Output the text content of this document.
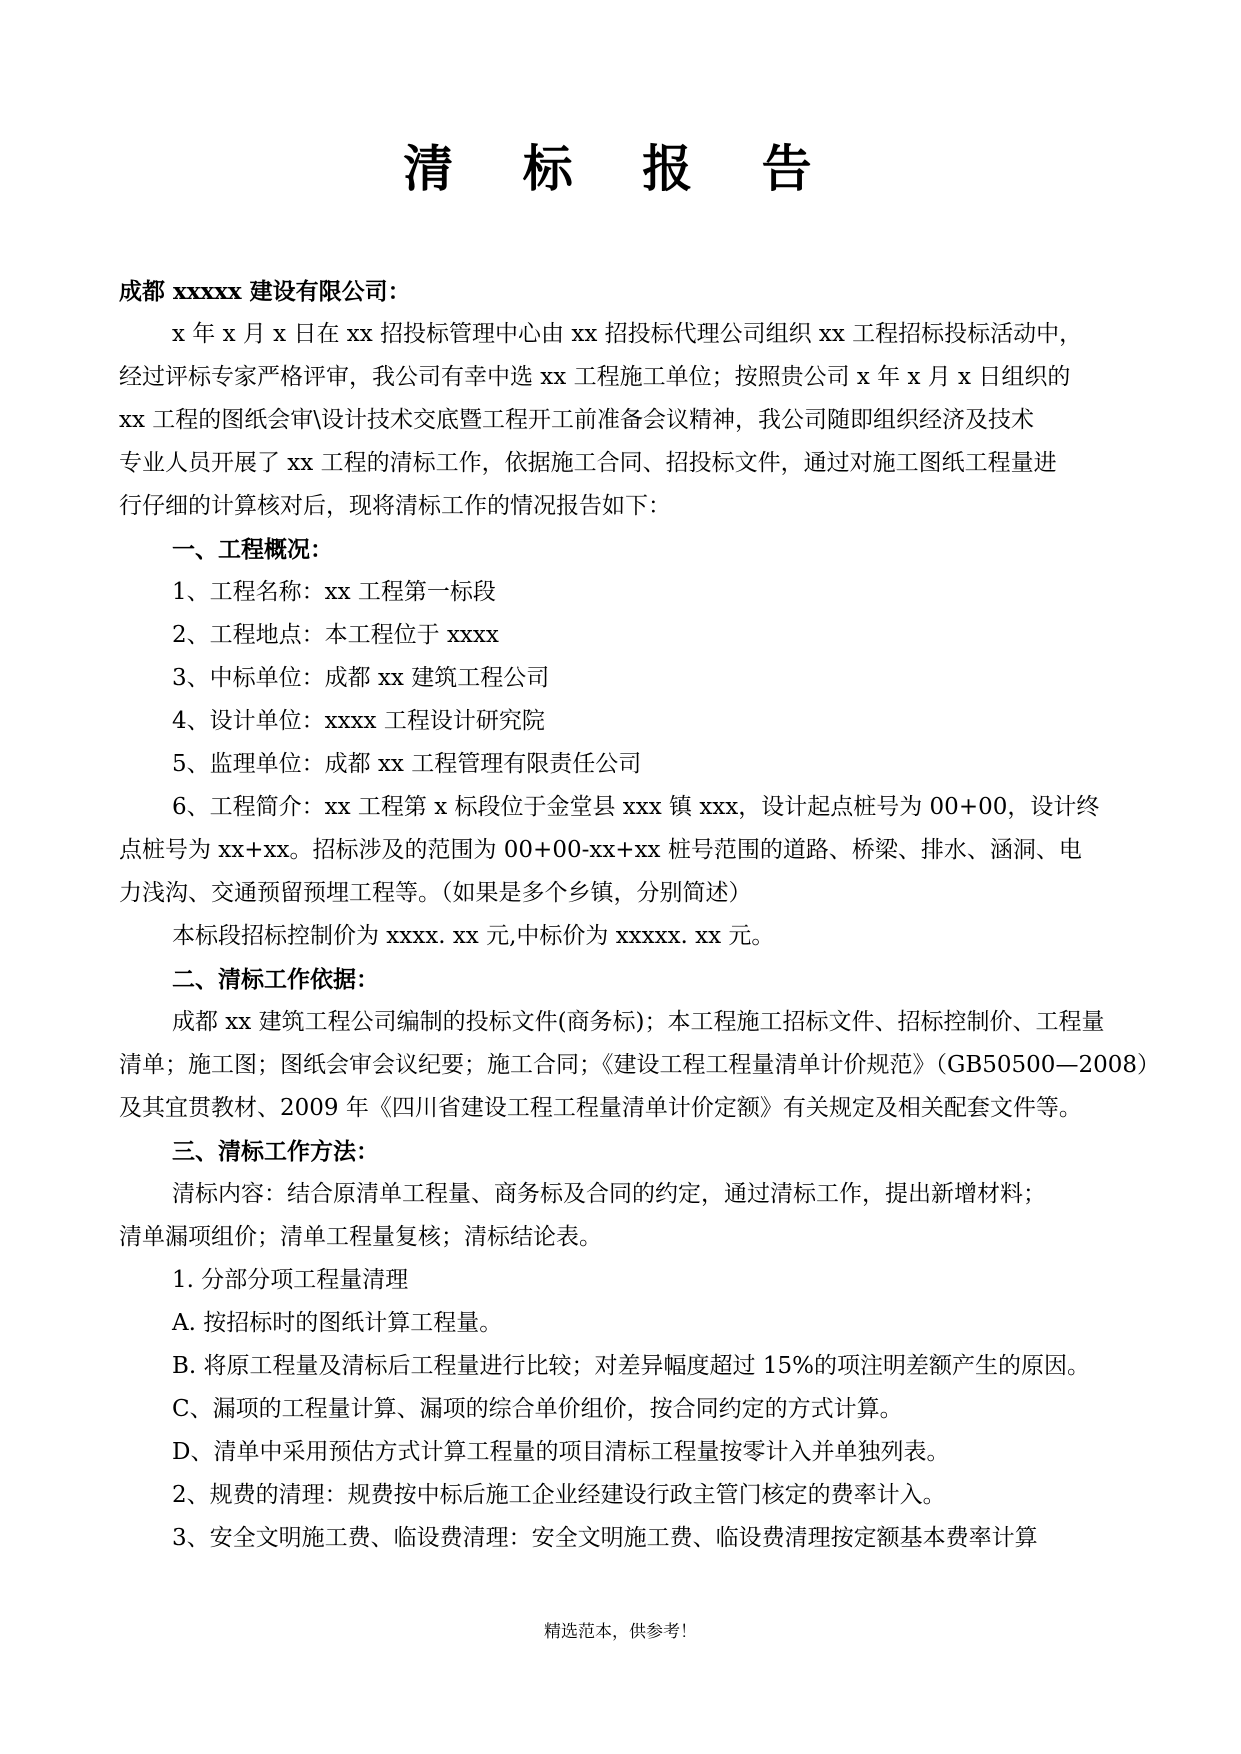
清 标 报 告
成都 xxxxx 建设有限公司：
x 年 x 月 x 日在 xx 招投标管理中心由 xx 招投标代理公司组织 xx 工程招标投标活动中，
经过评标专家严格评审，我公司有幸中选 xx 工程施工单位；按照贵公司 x 年 x 月 x 日组织的
xx 工程的图纸会审\设计技术交底暨工程开工前准备会议精神，我公司随即组织经济及技术
专业人员开展了 xx 工程的清标工作，依据施工合同、招投标文件，通过对施工图纸工程量进
行仔细的计算核对后，现将清标工作的情况报告如下：
一、工程概况：
1、工程名称：xx 工程第一标段
2、工程地点：本工程位于 xxxx
3、中标单位：成都 xx 建筑工程公司
4、设计单位：xxxx 工程设计研究院
5、监理单位：成都 xx 工程管理有限责任公司
6、工程简介：xx 工程第 x 标段位于金堂县 xxx 镇 xxx，设计起点桩号为 00+00，设计终
点桩号为 xx+xx。招标涉及的范围为 00+00-xx+xx 桩号范围的道路、桥梁、排水、涵洞、电
力浅沟、交通预留预埋工程等。（如果是多个乡镇，分别简述）
本标段招标控制价为 xxxx. xx 元,中标价为 xxxxx. xx 元。
二、清标工作依据：
成都 xx 建筑工程公司编制的投标文件(商务标)；本工程施工招标文件、招标控制价、工程量
清单；施工图；图纸会审会议纪要；施工合同；《建设工程工程量清单计价规范》（GB50500—2008）
及其宜贯教材、2009 年《四川省建设工程工程量清单计价定额》有关规定及相关配套文件等。
三、清标工作方法：
清标内容：结合原清单工程量、商务标及合同的约定，通过清标工作，提出新增材料；
清单漏项组价；清单工程量复核；清标结论表。
1. 分部分项工程量清理
A. 按招标时的图纸计算工程量。
B. 将原工程量及清标后工程量进行比较；对差异幅度超过 15%的项注明差额产生的原因。
C、漏项的工程量计算、漏项的综合单价组价，按合同约定的方式计算。
D、清单中采用预估方式计算工程量的项目清标工程量按零计入并单独列表。
2、规费的清理：规费按中标后施工企业经建设行政主管门核定的费率计入。
3、安全文明施工费、临设费清理：安全文明施工费、临设费清理按定额基本费率计算
精选范本，供参考！
